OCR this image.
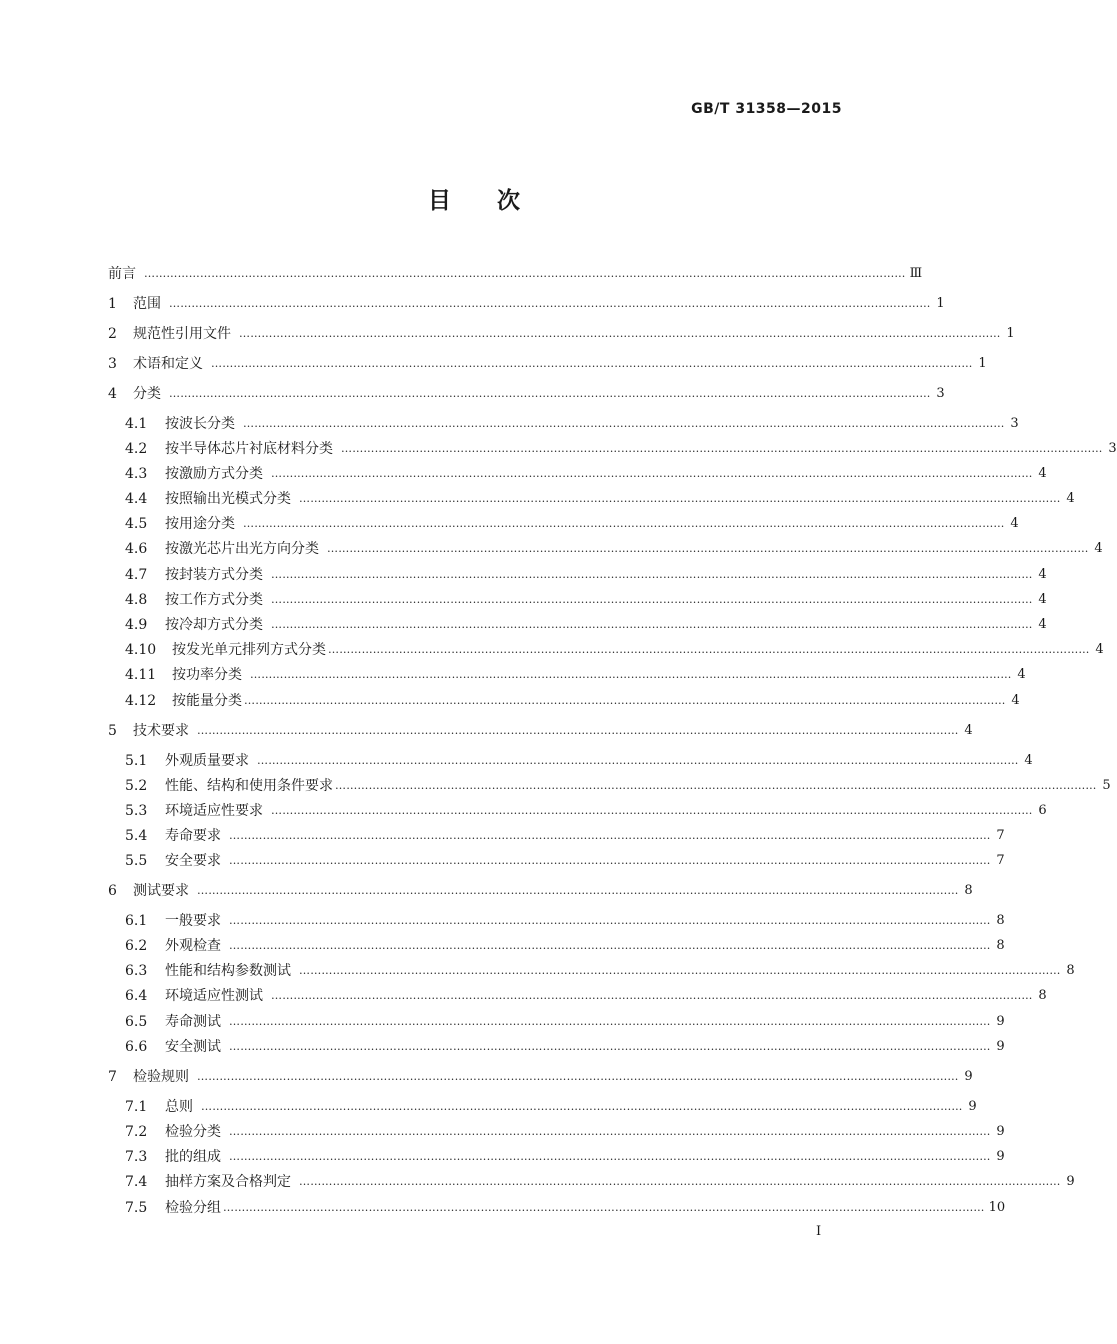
GB/T 31358—2015
目 次
前言 …………………………………………………………………………………………………………………………………………………………………………………… Ⅲ
1	范围 …………………………………………………………………………………………………………………………………………………………………………………… 1
2	规范性引用文件 …………………………………………………………………………………………………………………………………………………………………………………… 1
3	术语和定义 …………………………………………………………………………………………………………………………………………………………………………………… 1
4	分类 …………………………………………………………………………………………………………………………………………………………………………………… 3
4.1	按波长分类 …………………………………………………………………………………………………………………………………………………………………………………… 3
4.2	按半导体芯片衬底材料分类 …………………………………………………………………………………………………………………………………………………………………………………… 3
4.3	按激励方式分类 …………………………………………………………………………………………………………………………………………………………………………………… 4
4.4	按照输出光模式分类 …………………………………………………………………………………………………………………………………………………………………………………… 4
4.5	按用途分类 …………………………………………………………………………………………………………………………………………………………………………………… 4
4.6	按激光芯片出光方向分类 …………………………………………………………………………………………………………………………………………………………………………………… 4
4.7	按封装方式分类 …………………………………………………………………………………………………………………………………………………………………………………… 4
4.8	按工作方式分类 …………………………………………………………………………………………………………………………………………………………………………………… 4
4.9	按冷却方式分类 …………………………………………………………………………………………………………………………………………………………………………………… 4
4.10	按发光单元排列方式分类 …………………………………………………………………………………………………………………………………………………………………………………… 4
4.11	按功率分类 …………………………………………………………………………………………………………………………………………………………………………………… 4
4.12	按能量分类 …………………………………………………………………………………………………………………………………………………………………………………… 4
5	技术要求 …………………………………………………………………………………………………………………………………………………………………………………… 4
5.1	外观质量要求 …………………………………………………………………………………………………………………………………………………………………………………… 4
5.2	性能、结构和使用条件要求 …………………………………………………………………………………………………………………………………………………………………………………… 5
5.3	环境适应性要求 …………………………………………………………………………………………………………………………………………………………………………………… 6
5.4	寿命要求 …………………………………………………………………………………………………………………………………………………………………………………… 7
5.5	安全要求 …………………………………………………………………………………………………………………………………………………………………………………… 7
6	测试要求 …………………………………………………………………………………………………………………………………………………………………………………… 8
6.1	一般要求 …………………………………………………………………………………………………………………………………………………………………………………… 8
6.2	外观检查 …………………………………………………………………………………………………………………………………………………………………………………… 8
6.3	性能和结构参数测试 …………………………………………………………………………………………………………………………………………………………………………………… 8
6.4	环境适应性测试 …………………………………………………………………………………………………………………………………………………………………………………… 8
6.5	寿命测试 …………………………………………………………………………………………………………………………………………………………………………………… 9
6.6	安全测试 …………………………………………………………………………………………………………………………………………………………………………………… 9
7	检验规则 …………………………………………………………………………………………………………………………………………………………………………………… 9
7.1	总则 …………………………………………………………………………………………………………………………………………………………………………………… 9
7.2	检验分类 …………………………………………………………………………………………………………………………………………………………………………………… 9
7.3	批的组成 …………………………………………………………………………………………………………………………………………………………………………………… 9
7.4	抽样方案及合格判定 …………………………………………………………………………………………………………………………………………………………………………………… 9
7.5	检验分组 …………………………………………………………………………………………………………………………………………………………………………………… 10
I
